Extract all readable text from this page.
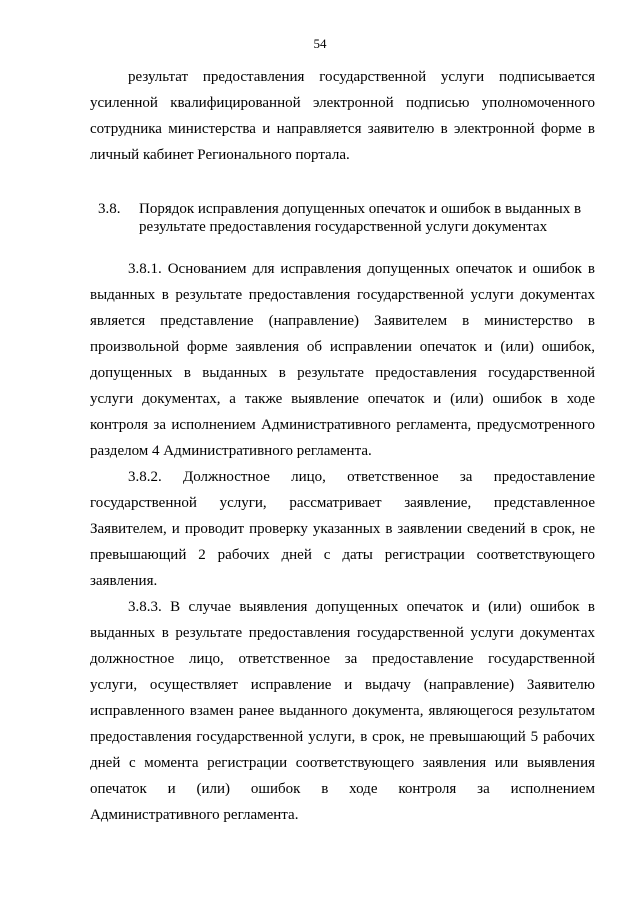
54
результат предоставления государственной услуги подписывается
усиленной квалифицированной электронной подписью уполномоченного
сотрудника министерства и направляется заявителю в электронной форме в
личный кабинет Регионального портала.
3.8. Порядок исправления допущенных опечаток и ошибок в выданных в
результате предоставления государственной услуги документах
3.8.1. Основанием для исправления допущенных опечаток и ошибок в
выданных в результате предоставления государственной услуги документах
является представление (направление) Заявителем в министерство в
произвольной форме заявления об исправлении опечаток и (или) ошибок,
допущенных в выданных в результате предоставления государственной
услуги документах, а также выявление опечаток и (или) ошибок в ходе
контроля за исполнением Административного регламента, предусмотренного
разделом 4 Административного регламента.
3.8.2. Должностное лицо, ответственное за предоставление
государственной услуги, рассматривает заявление, представленное
Заявителем, и проводит проверку указанных в заявлении сведений в срок, не
превышающий 2 рабочих дней с даты регистрации соответствующего
заявления.
3.8.3. В случае выявления допущенных опечаток и (или) ошибок в
выданных в результате предоставления государственной услуги документах
должностное лицо, ответственное за предоставление государственной
услуги, осуществляет исправление и выдачу (направление) Заявителю
исправленного взамен ранее выданного документа, являющегося результатом
предоставления государственной услуги, в срок, не превышающий 5 рабочих
дней с момента регистрации соответствующего заявления или выявления
опечаток и (или) ошибок в ходе контроля за исполнением
Административного регламента.
